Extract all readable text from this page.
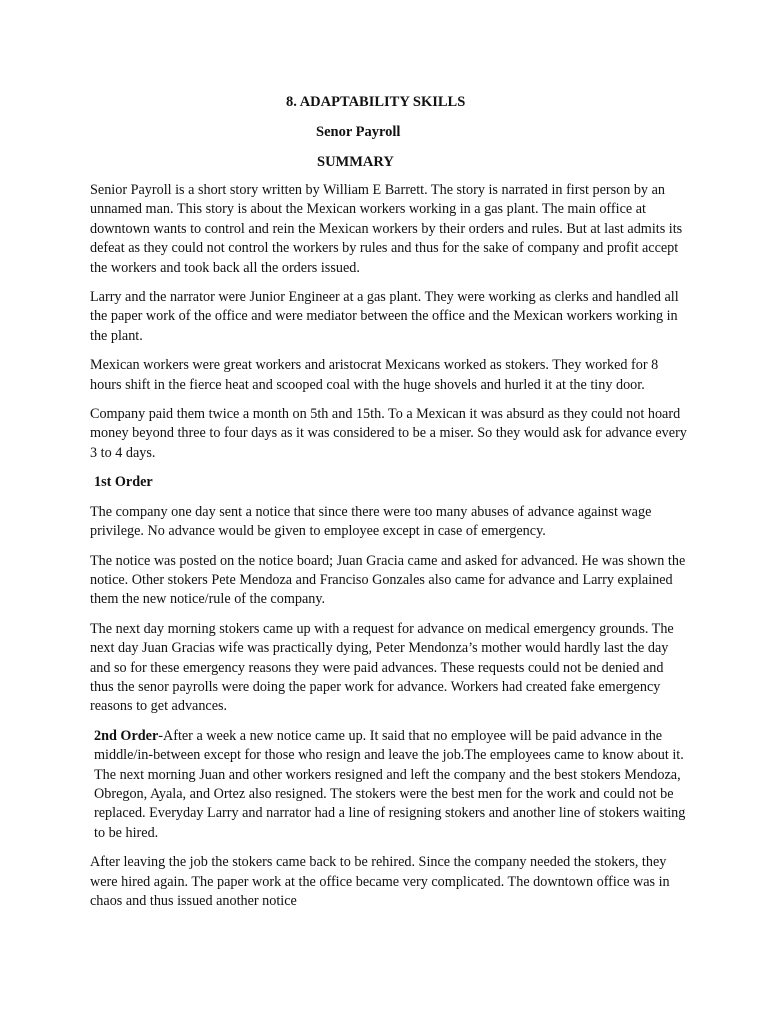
8. ADAPTABILITY SKILLS
Senor Payroll
SUMMARY

Senior Payroll is a short story written by William E Barrett. The story is narrated in first person by an unnamed man. This story is about the Mexican workers working in a gas plant. The main office at downtown wants to control and rein the Mexican workers by their orders and rules. But at last admits its defeat as they could not control the workers by rules and thus for the sake of company and profit accept the workers and took back all the orders issued.

Larry and the narrator were Junior Engineer at a gas plant. They were working as clerks and handled all the paper work of the office and were mediator between the office and the Mexican workers working in the plant.

Mexican workers were great workers and aristocrat Mexicans worked as stokers. They worked for 8 hours shift in the fierce heat and scooped coal with the huge shovels and hurled it at the tiny door.

Company paid them twice a month on 5th and 15th. To a Mexican it was absurd as they could not hoard money beyond three to four days as it was considered to be a miser. So they would ask for advance every 3 to 4 days.

1st Order

The company one day sent a notice that since there were too many abuses of advance against wage privilege. No advance would be given to employee except in case of emergency.

The notice was posted on the notice board; Juan Gracia came and asked for advanced. He was shown the notice. Other stokers Pete Mendoza and Franciso Gonzales also came for advance and Larry explained them the new notice/rule of the company.

The next day morning stokers came up with a request for advance on medical emergency grounds. The next day Juan Gracias wife was practically dying, Peter Mendonza’s mother would hardly last the day and so for these emergency reasons they were paid advances. These requests could not be denied and thus the senor payrolls were doing the paper work for advance. Workers had created fake emergency reasons to get advances.

2nd Order-After a week a new notice came up. It said that no employee will be paid advance in the middle/in-between except for those who resign and leave the job.The employees came to know about it. The next morning Juan and other workers resigned and left the company and the best stokers Mendoza, Obregon, Ayala, and Ortez also resigned. The stokers were the best men for the work and could not be replaced. Everyday Larry and narrator had a line of resigning stokers and another line of stokers waiting to be hired.

After leaving the job the stokers came back to be rehired. Since the company needed the stokers, they were hired again. The paper work at the office became very complicated. The downtown office was in chaos and thus issued another notice
